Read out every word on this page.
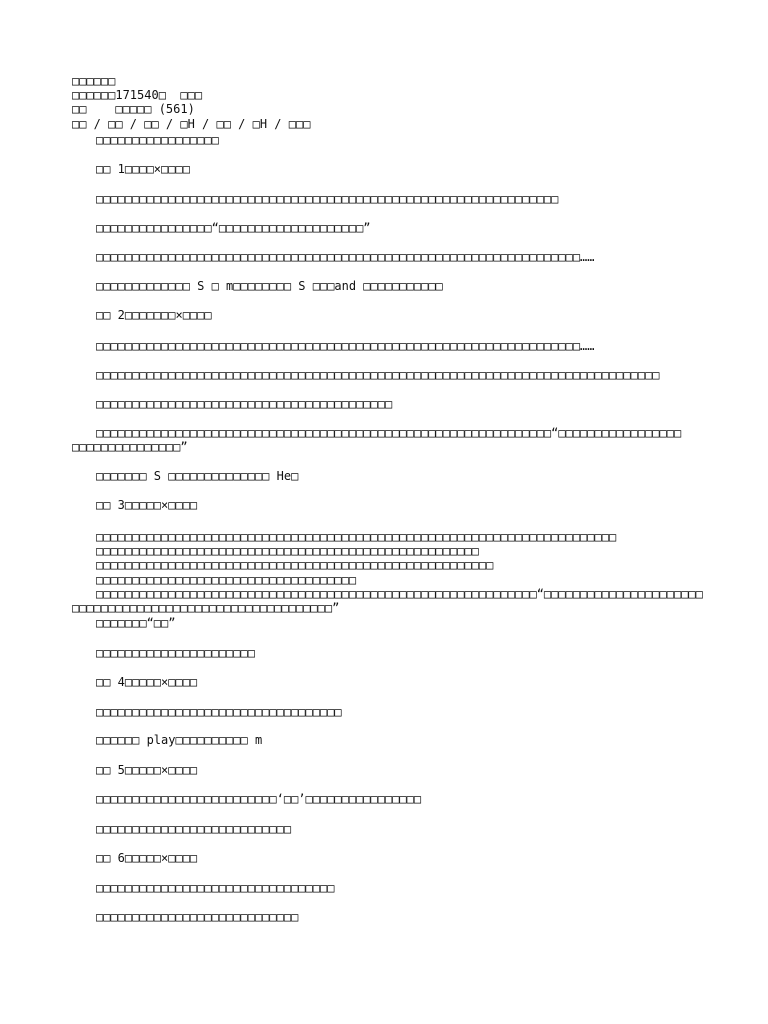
□□□□□□
□□□□□□171540□  □□□
□□    □□□□□ (561)
□□ / □□ / □□ / □H / □□ / □H / □□□
□□□□□□□□□□□□□□□□□
□□ 1□□□□×□□□□
□□□□□□□□□□□□□□□□□□□□□□□□□□□□□□□□□□□□□□□□□□□□□□□□□□□□□□□□□□□□□□□□
□□□□□□□□□□□□□□□□“□□□□□□□□□□□□□□□□□□□□”
□□□□□□□□□□□□□□□□□□□□□□□□□□□□□□□□□□□□□□□□□□□□□□□□□□□□□□□□□□□□□□□□□□□……
□□□□□□□□□□□□□ S □ m□□□□□□□□ S □□□and □□□□□□□□□□□
□□ 2□□□□□□□×□□□□
□□□□□□□□□□□□□□□□□□□□□□□□□□□□□□□□□□□□□□□□□□□□□□□□□□□□□□□□□□□□□□□□□□□……
□□□□□□□□□□□□□□□□□□□□□□□□□□□□□□□□□□□□□□□□□□□□□□□□□□□□□□□□□□□□□□□□□□□□□□□□□□□□□□
□□□□□□□□□□□□□□□□□□□□□□□□□□□□□□□□□□□□□□□□□
□□□□□□□□□□□□□□□□□□□□□□□□□□□□□□□□□□□□□□□□□□□□□□□□□□□□□□□□□□□□□□□“□□□□□□□□□□□□□□□□□
□□□□□□□□□□□□□□□”
□□□□□□□ S □□□□□□□□□□□□□□ He□
□□ 3□□□□□×□□□□
□□□□□□□□□□□□□□□□□□□□□□□□□□□□□□□□□□□□□□□□□□□□□□□□□□□□□□□□□□□□□□□□□□□□□□□□
□□□□□□□□□□□□□□□□□□□□□□□□□□□□□□□□□□□□□□□□□□□□□□□□□□□□□
□□□□□□□□□□□□□□□□□□□□□□□□□□□□□□□□□□□□□□□□□□□□□□□□□□□□□□□
□□□□□□□□□□□□□□□□□□□□□□□□□□□□□□□□□□□□
□□□□□□□□□□□□□□□□□□□□□□□□□□□□□□□□□□□□□□□□□□□□□□□□□□□□□□□□□□□□□“□□□□□□□□□□□□□□□□□□□□□□
□□□□□□□□□□□□□□□□□□□□□□□□□□□□□□□□□□□□”
□□□□□□□“□□”
□□□□□□□□□□□□□□□□□□□□□□
□□ 4□□□□□×□□□□
□□□□□□□□□□□□□□□□□□□□□□□□□□□□□□□□□□
□□□□□□ play□□□□□□□□□□ m
□□ 5□□□□□×□□□□
□□□□□□□□□□□□□□□□□□□□□□□□□‘□□’□□□□□□□□□□□□□□□□
□□□□□□□□□□□□□□□□□□□□□□□□□□□
□□ 6□□□□□×□□□□
□□□□□□□□□□□□□□□□□□□□□□□□□□□□□□□□□
□□□□□□□□□□□□□□□□□□□□□□□□□□□□
